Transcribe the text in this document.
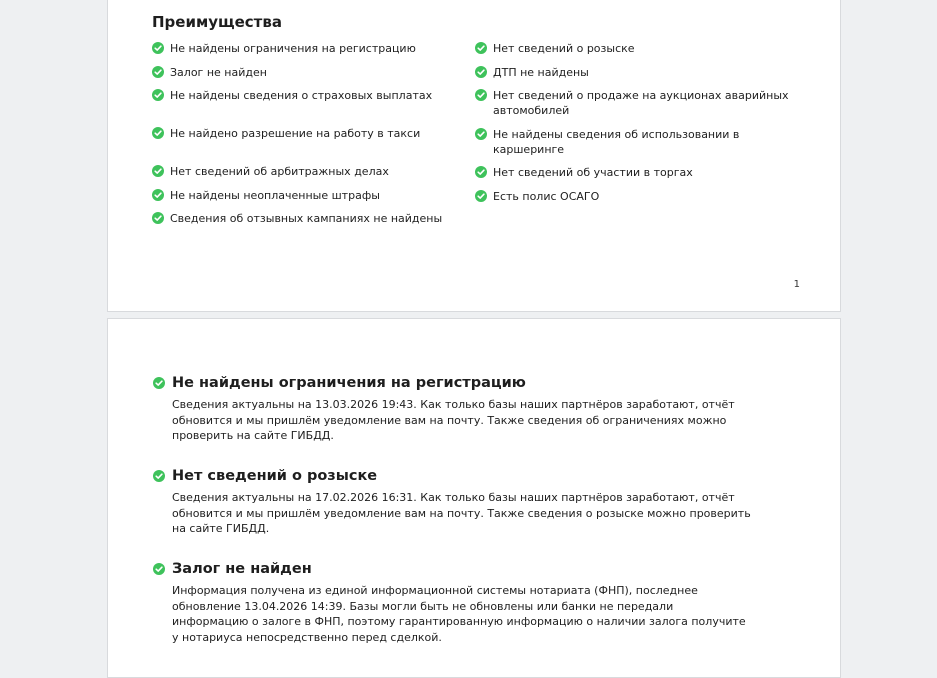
Преимущества
Не найдены ограничения на регистрацию
Залог не найден
Не найдены сведения о страховых выплатах
Не найдено разрешение на работу в такси
Нет сведений об арбитражных делах
Не найдены неоплаченные штрафы
Сведения об отзывных кампаниях не найдены
Нет сведений о розыске
ДТП не найдены
Нет сведений о продаже на аукционах аварийных автомобилей
Не найдены сведения об использовании в каршеринге
Нет сведений об участии в торгах
Есть полис ОСАГО
1
Не найдены ограничения на регистрацию

Сведения актуальны на 13.03.2026 19:43. Как только базы наших партнёров заработают, отчёт обновится и мы пришлём уведомление вам на почту. Также сведения об ограничениях можно проверить на сайте ГИБДД.

Нет сведений о розыске

Сведения актуальны на 17.02.2026 16:31. Как только базы наших партнёров заработают, отчёт обновится и мы пришлём уведомление вам на почту. Также сведения о розыске можно проверить на сайте ГИБДД.

Залог не найден

Информация получена из единой информационной системы нотариата (ФНП), последнее обновление 13.04.2026 14:39. Базы могли быть не обновлены или банки не передали информацию о залоге в ФНП, поэтому гарантированную информацию о наличии залога получите у нотариуса непосредственно перед сделкой.
